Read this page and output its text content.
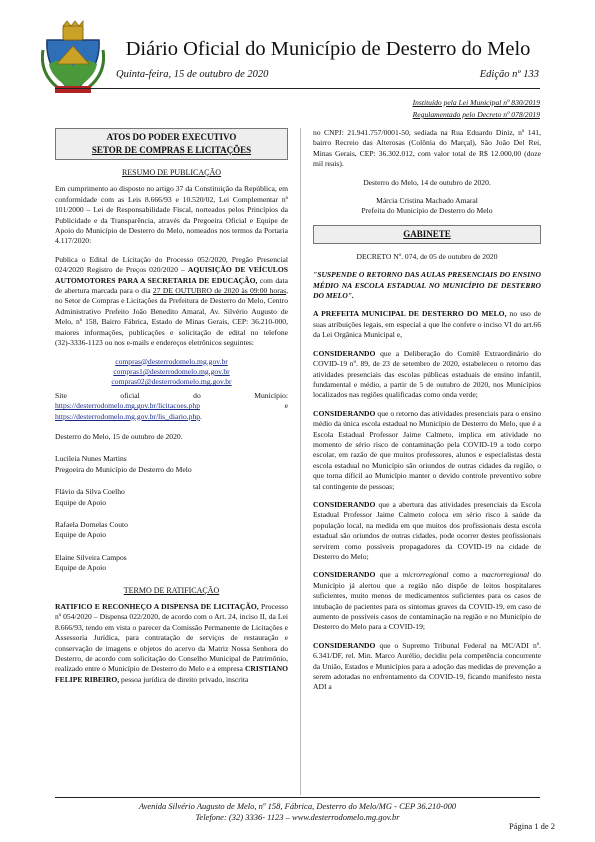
Diário Oficial do Município de Desterro do Melo
Quinta-feira, 15 de outubro de 2020	Edição nº 133
Instituído pela Lei Municipal nº 830/2019
Regulamentado pelo Decreto nº 078/2019
ATOS DO PODER EXECUTIVO
SETOR DE COMPRAS E LICITAÇÕES
RESUMO DE PUBLICAÇÃO

Em cumprimento ao disposto no artigo 37 da Constituição da República, em conformidade com as Leis 8.666/93 e 10.520/02, Lei Complementar nº 101/2000 – Lei de Responsabilidade Fiscal, norteados pelos Princípios da Publicidade e da Transparência, através da Pregoeira Oficial e Equipe de Apoio do Município de Desterro do Melo, nomeados nos termos da Portaria 4.117/2020:

Publica o Edital de Licitação do Processo 052/2020, Pregão Presencial 024/2020 Registro de Preços 020/2020 – AQUISIÇÃO DE VEÍCULOS AUTOMOTORES PARA A SECRETARIA DE EDUCAÇÃO, com data de abertura marcada para o dia 27 DE OUTUBRO de 2020 às 09:00 horas, no Setor de Compras e Licitações da Prefeitura de Desterro do Melo, Centro Administrativo Prefeito João Benedito Amaral, Av. Silvério Augusto de Melo, nº 158, Bairro Fábrica, Estado de Minas Gerais, CEP: 36.210-000, maiores informações, publicações e solicitação de edital no telefone (32)-3336-1123 ou nos e-mails e endereços eletrônicos seguintes:

compras@desterrodomelo.mg.gov.br
compras1@desterrodomelo.mg.gov.br
compras02@desterrodomelo.mg.gov.br
Site	oficial	do	Município:
https://desterrodomelo.mg.gov.br/licitacoes.php	e

https://desterrodomelo.mg.gov.br/lis_diario.php.

Desterro do Melo, 15 de outubro de 2020.

Lucileia Nunes Martins
Pregoeira do Município de Desterro do Melo
Flávio da Silva Coelho
Equipe de Apoio
Rafaela Dornelas Couto
Equipe de Apoio
Elaine Silveira Campos
Equipe de Apoio
TERMO DE RATIFICAÇÃO

RATIFICO E RECONHEÇO A DISPENSA DE LICITAÇÃO, Processo nº 054/2020 – Dispensa 022/2020, de acordo com o Art. 24, inciso II, da Lei 8.666/93, tendo em vista o parecer da Comissão Permanente de Licitações e Assessoria Jurídica, para contratação de serviços de restauração e conservação de imagens e objetos do acervo da Matriz Nossa Senhora do Desterro, de acordo com solicitação do Conselho Municipal de Patrimônio, realizado entre o Município de Desterro do Melo e a empresa CRISTIANO FELIPE RIBEIRO, pessoa jurídica de direito privado, inscrita

no CNPJ: 21.941.757/0001-50, sediada na Rua Eduardo Diniz, nº 141, bairro Recreio das Alterosas (Colônia do Marçal), São João Del Rei, Minas Gerais, CEP: 36.302.012, com valor total de R$ 12.000,00 (doze mil reais).

Desterro do Melo, 14 de outubro de 2020.

Márcia Cristina Machado Amaral
Prefeita do Município de Desterro do Melo
GABINETE

DECRETO Nº. 074, de 05 de outubro de 2020

"SUSPENDE O RETORNO DAS AULAS PRESENCIAIS DO ENSINO MÉDIO NA ESCOLA ESTADUAL NO MUNICÍPIO DE DESTERRO DO MELO".

A PREFEITA MUNICIPAL DE DESTERRO DO MELO, no uso de suas atribuições legais, em especial a que lhe confere o inciso VI do art.66 da Lei Orgânica Municipal e,

CONSIDERANDO que a Deliberação do Comitê Extraordinário do COVID-19 nº. 89, de 23 de setembro de 2020, estabeleceu o retorno das atividades presenciais das escolas públicas estaduais de ensino infantil, fundamental e médio, a partir de 5 de outubro de 2020, nos Municípios localizados nas regiões qualificadas como onda verde;

CONSIDERANDO que o retorno das atividades presenciais para o ensino médio da única escola estadual no Município de Desterro do Melo, que é a Escola Estadual Professor Jaime Calmeto, implica em atividade no momento de sério risco de contaminação pela COVID-19 a todo corpo escolar, em razão de que muitos professores, alunos e especialistas desta escola estadual no Município são oriundos de outras cidades da região, o que torna difícil ao Município manter o devido controle preventivo sobre tal contingente de pessoas;

CONSIDERANDO que a abertura das atividades presenciais da Escola Estadual Professor Jaime Calmeto coloca em sério risco à saúde da população local, na medida em que muitos dos profissionais desta escola estadual são oriundos de outras cidades, pode ocorrer destes profissionais servirem como possíveis propagadores da COVID-19 na cidade de Desterro do Melo;

CONSIDERANDO que a microrregional como a macrorregional do Município já alertou que a região não dispõe de leitos hospitalares suficientes, muito menos de medicamentos suficientes para os casos de intubação de pacientes para os sintomas graves da COVID-19, em caso de aumento de possíveis casos de contaminação na região e no Município de Desterro do Melo para a COVID-19;

CONSIDERANDO que o Supremo Tribunal Federal na MC/ADI nº. 6.341/DF, rel. Min. Marco Aurélio, decidiu pela competência concorrente da União, Estados e Municípios para a adoção das medidas de prevenção a serem adotadas no enfrentamento da COVID-19, ficando manifesto nesta ADI a

Avenida Silvério Augusto de Melo, nº 158, Fábrica, Desterro do Melo/MG - CEP 36.210-000
Telefone: (32) 3336- 1123 – www.desterrodomelo.mg.gov.br
Página 1 de 2
